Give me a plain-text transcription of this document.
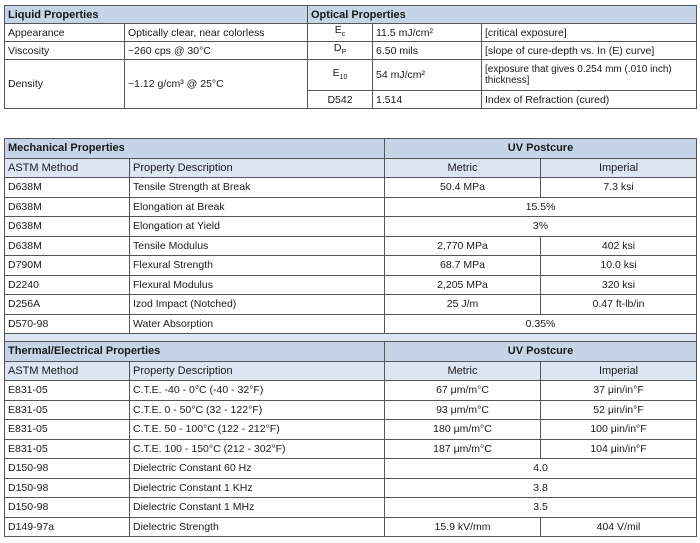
Liquid Properties		Optical Properties		
Appearance	Optically clear, near colorless	$E_c$	11.5 mJ/cm²	[critical exposure]
Viscosity	~260 cps @ 30°C	$D_P$	6.50 mils	[slope of cure-depth vs. In (E) curve]
Density	~1.12 g/cm³ @ 25°C	$E_{10}$	54 mJ/cm²	[exposure that gives 0.254 mm (.010 inch) thickness]
		D542	1.514	Index of Refraction (cured)
Mechanical Properties		UV Postcure	
ASTM Method	Property Description	Metric	Imperial
D638M	Tensile Strength at Break	50.4 MPa	7.3 ksi
D638M	Elongation at Break	15.5%	
D638M	Elongation at Yield	3%	
D638M	Tensile Modulus	2,770 MPa	402 ksi
D790M	Flexural Strength	68.7 MPa	10.0 ksi
D2240	Flexural Modulus	2,205 MPa	320 ksi
D256A	Izod Impact (Notched)	25 J/m	0.47 ft-lb/in
D570-98	Water Absorption	0.35%	

Thermal/Electrical Properties		UV Postcure	
ASTM Method	Property Description	Metric	Imperial
E831-05	C.T.E. -40 - 0°C (-40 - 32°F)	67 μm/m°C	37 μin/in°F
E831-05	C.T.E. 0 - 50°C (32 - 122°F)	93 μm/m°C	52 μin/in°F
E831-05	C.T.E. 50 - 100°C (122 - 212°F)	180 μm/m°C	100 μin/in°F
E831-05	C.T.E. 100 - 150°C (212 - 302°F)	187 μm/m°C	104 μin/in°F
D150-98	Dielectric Constant 60 Hz	4.0	
D150-98	Dielectric Constant 1 KHz	3.8	
D150-98	Dielectric Constant 1 MHz	3.5	
D149-97a	Dielectric Strength	15.9 kV/mm	404 V/mil
